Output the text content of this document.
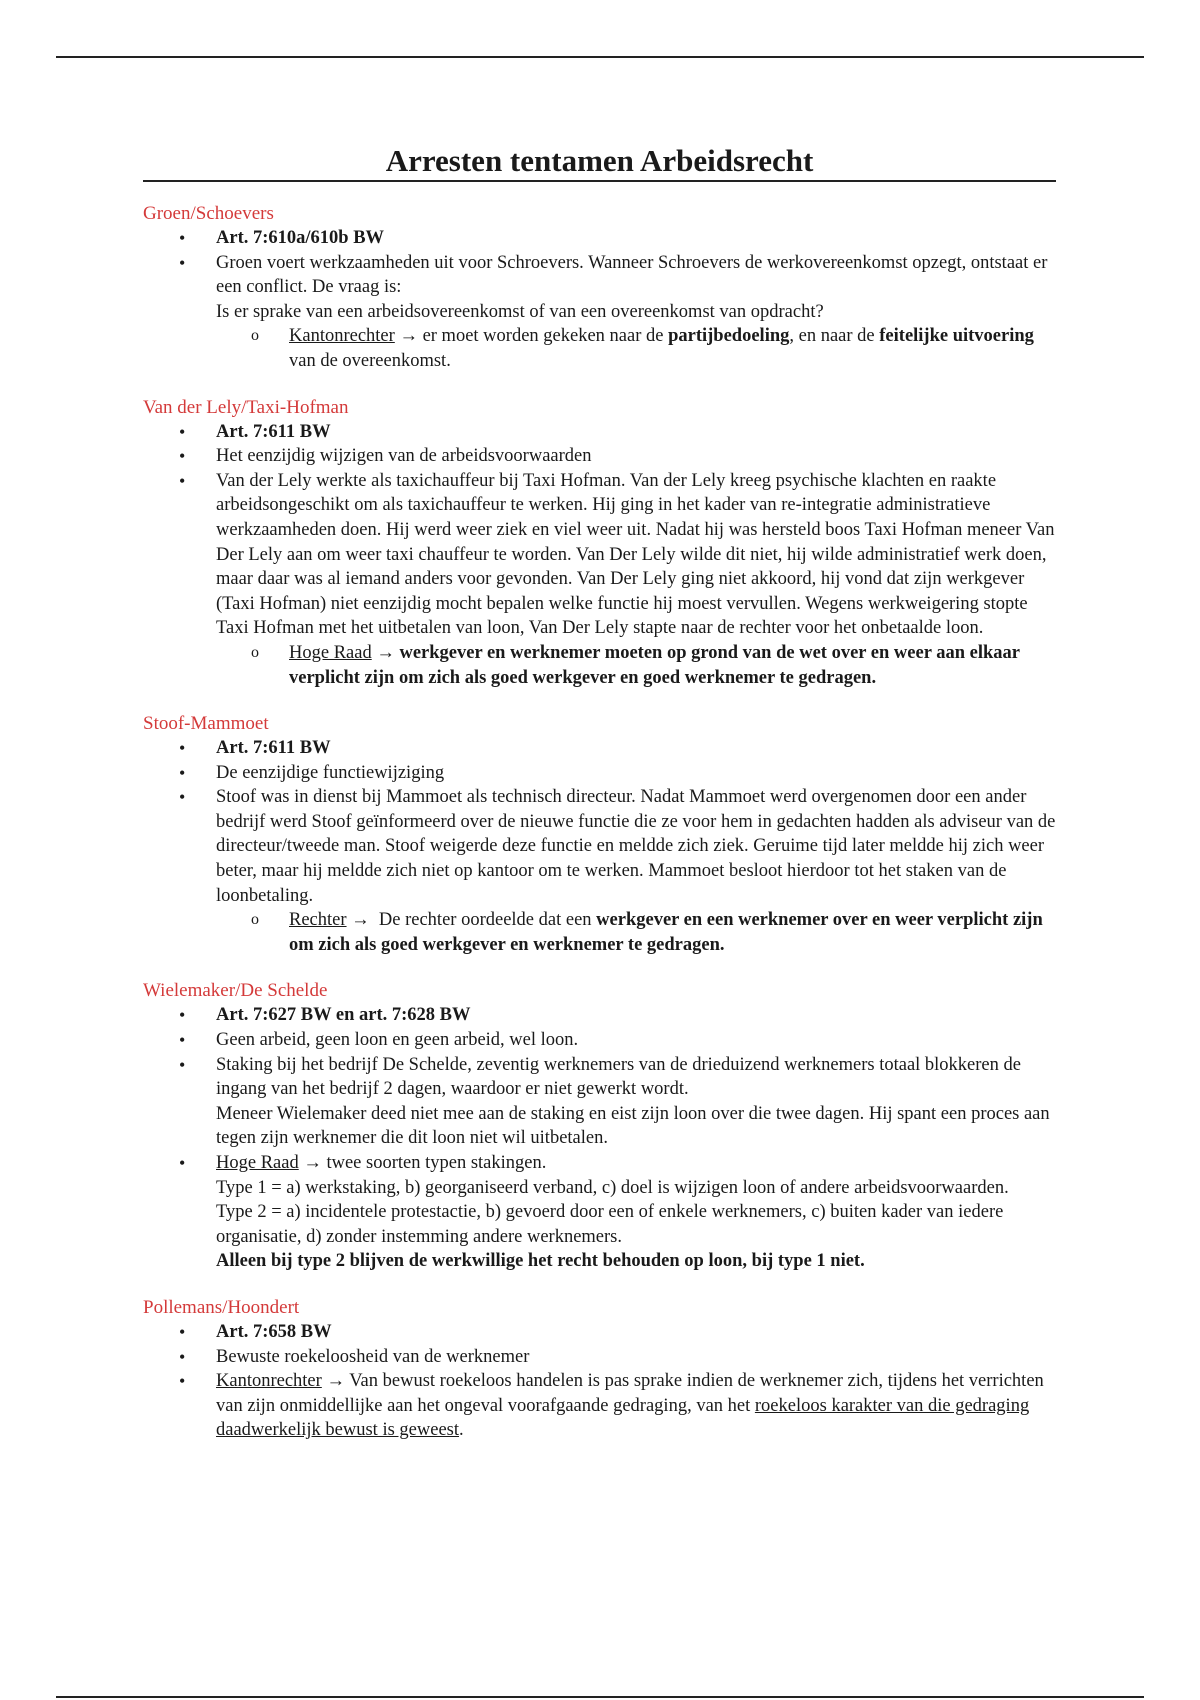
Arresten tentamen Arbeidsrecht
Groen/Schoevers
• Art. 7:610a/610b BW
• Groen voert werkzaamheden uit voor Schroevers. Wanneer Schroevers de werkovereenkomst opzegt, ontstaat er een conflict. De vraag is:
Is er sprake van een arbeidsovereenkomst of van een overeenkomst van opdracht?
o Kantonrechter → er moet worden gekeken naar de partijbedoeling, en naar de feitelijke uitvoering van de overeenkomst.
Van der Lely/Taxi-Hofman
• Art. 7:611 BW
• Het eenzijdig wijzigen van de arbeidsvoorwaarden
• Van der Lely werkte als taxichauffeur bij Taxi Hofman. Van der Lely kreeg psychische klachten en raakte arbeidsongeschikt om als taxichauffeur te werken. Hij ging in het kader van re-integratie administratieve werkzaamheden doen. Hij werd weer ziek en viel weer uit. Nadat hij was hersteld boos Taxi Hofman meneer Van Der Lely aan om weer taxi chauffeur te worden. Van Der Lely wilde dit niet, hij wilde administratief werk doen, maar daar was al iemand anders voor gevonden. Van Der Lely ging niet akkoord, hij vond dat zijn werkgever (Taxi Hofman) niet eenzijdig mocht bepalen welke functie hij moest vervullen. Wegens werkweigering stopte Taxi Hofman met het uitbetalen van loon, Van Der Lely stapte naar de rechter voor het onbetaalde loon.
o Hoge Raad → werkgever en werknemer moeten op grond van de wet over en weer aan elkaar verplicht zijn om zich als goed werkgever en goed werknemer te gedragen.
Stoof-Mammoet
• Art. 7:611 BW
• De eenzijdige functiewijziging
• Stoof was in dienst bij Mammoet als technisch directeur. Nadat Mammoet werd overgenomen door een ander bedrijf werd Stoof geïnformeerd over de nieuwe functie die ze voor hem in gedachten hadden als adviseur van de directeur/tweede man. Stoof weigerde deze functie en meldde zich ziek. Geruime tijd later meldde hij zich weer beter, maar hij meldde zich niet op kantoor om te werken. Mammoet besloot hierdoor tot het staken van de loonbetaling.
o Rechter → De rechter oordeelde dat een werkgever en een werknemer over en weer verplicht zijn om zich als goed werkgever en werknemer te gedragen.
Wielemaker/De Schelde
• Art. 7:627 BW en art. 7:628 BW
• Geen arbeid, geen loon en geen arbeid, wel loon.
• Staking bij het bedrijf De Schelde, zeventig werknemers van de drieduizend werknemers totaal blokkeren de ingang van het bedrijf 2 dagen, waardoor er niet gewerkt wordt.
Meneer Wielemaker deed niet mee aan de staking en eist zijn loon over die twee dagen. Hij spant een proces aan tegen zijn werknemer die dit loon niet wil uitbetalen.
• Hoge Raad → twee soorten typen stakingen.
Type 1 = a) werkstaking, b) georganiseerd verband, c) doel is wijzigen loon of andere arbeidsvoorwaarden.
Type 2 = a) incidentele protestactie, b) gevoerd door een of enkele werknemers, c) buiten kader van iedere organisatie, d) zonder instemming andere werknemers.
Alleen bij type 2 blijven de werkwillige het recht behouden op loon, bij type 1 niet.
Pollemans/Hoondert
• Art. 7:658 BW
• Bewuste roekeloosheid van de werknemer
• Kantonrechter → Van bewust roekeloos handelen is pas sprake indien de werknemer zich, tijdens het verrichten van zijn onmiddellijke aan het ongeval voorafgaande gedraging, van het roekeloos karakter van die gedraging daadwerkelijk bewust is geweest.
